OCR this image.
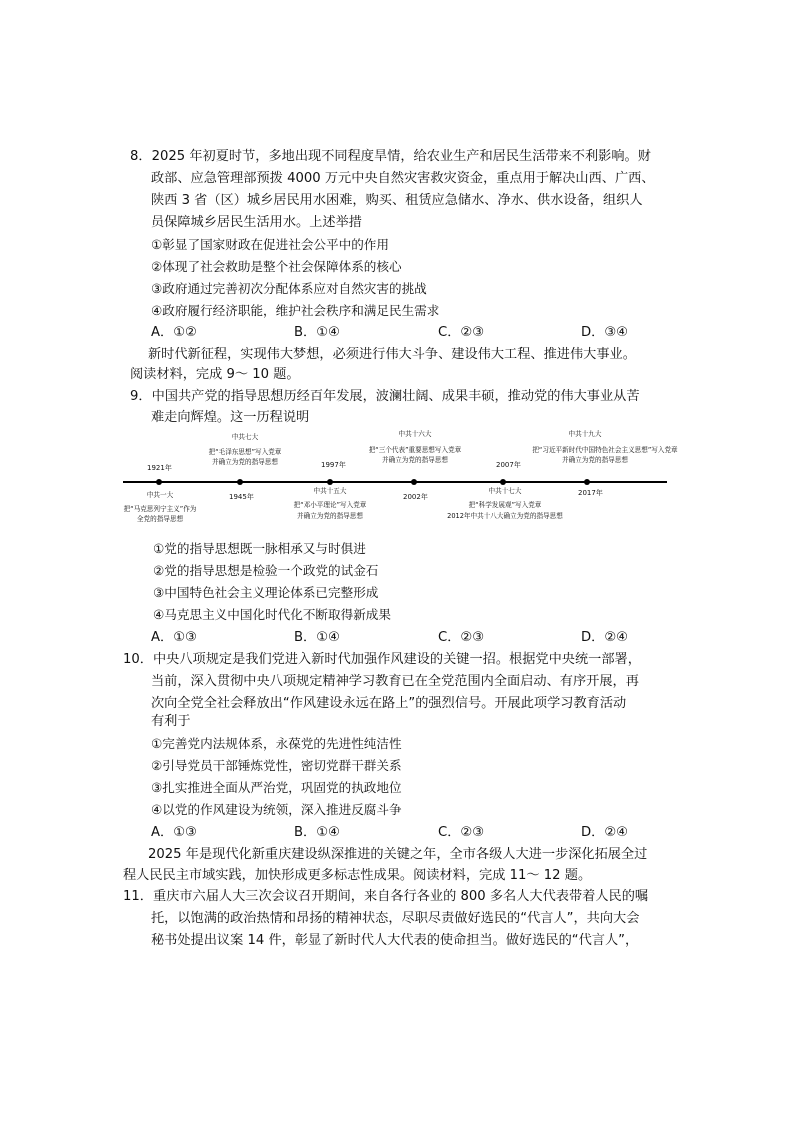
8．2025 年初夏时节，多地出现不同程度旱情，给农业生产和居民生活带来不利影响。财
政部、应急管理部预拨 4000 万元中央自然灾害救灾资金，重点用于解决山西、广西、
陕西 3 省（区）城乡居民用水困难，购买、租赁应急储水、净水、供水设备，组织人
员保障城乡居民生活用水。上述举措
①彰显了国家财政在促进社会公平中的作用
②体现了社会救助是整个社会保障体系的核心
③政府通过完善初次分配体系应对自然灾害的挑战
④政府履行经济职能，维护社会秩序和满足民生需求
A．①②	B．①④	C．②③	D．③④
新时代新征程，实现伟大梦想，必须进行伟大斗争、建设伟大工程、推进伟大事业。
阅读材料，完成 9～ 10 题。
9．中国共产党的指导思想历经百年发展，波澜壮阔、成果丰硕，推动党的伟大事业从苦
难走向辉煌。这一历程说明
1921年	1997年	2007年
1945年	2002年	2017年
中共七大
把“毛泽东思想”写入党章
并确立为党的指导思想
中共十六大
把“三个代表”重要思想写入党章
并确立为党的指导思想
中共十九大
把“习近平新时代中国特色社会主义思想”写入党章
并确立为党的指导思想
中共一大
把“马克思列宁主义”作为
全党的指导思想
中共十五大
把“邓小平理论”写入党章
并确立为党的指导思想
中共十七大
把“科学发展观”写入党章
2012年中共十八大确立为党的指导思想
①党的指导思想既一脉相承又与时俱进
②党的指导思想是检验一个政党的试金石
③中国特色社会主义理论体系已完整形成
④马克思主义中国化时代化不断取得新成果
A．①③	B．①④	C．②③	D．②④
10．中央八项规定是我们党进入新时代加强作风建设的关键一招。根据党中央统一部署，
当前，深入贯彻中央八项规定精神学习教育已在全党范围内全面启动、有序开展，再
次向全党全社会释放出“作风建设永远在路上”的强烈信号。开展此项学习教育活动
有利于
①完善党内法规体系，永葆党的先进性纯洁性
②引导党员干部锤炼党性，密切党群干群关系
③扎实推进全面从严治党，巩固党的执政地位
④以党的作风建设为统领，深入推进反腐斗争
A．①③	B．①④	C．②③	D．②④
2025 年是现代化新重庆建设纵深推进的关键之年，全市各级人大进一步深化拓展全过
程人民民主市域实践，加快形成更多标志性成果。阅读材料，完成 11～ 12 题。
11．重庆市六届人大三次会议召开期间，来自各行各业的 800 多名人大代表带着人民的嘱
托，以饱满的政治热情和昂扬的精神状态，尽职尽责做好选民的“代言人”，共向大会
秘书处提出议案 14 件，彰显了新时代人大代表的使命担当。做好选民的“代言人”，
